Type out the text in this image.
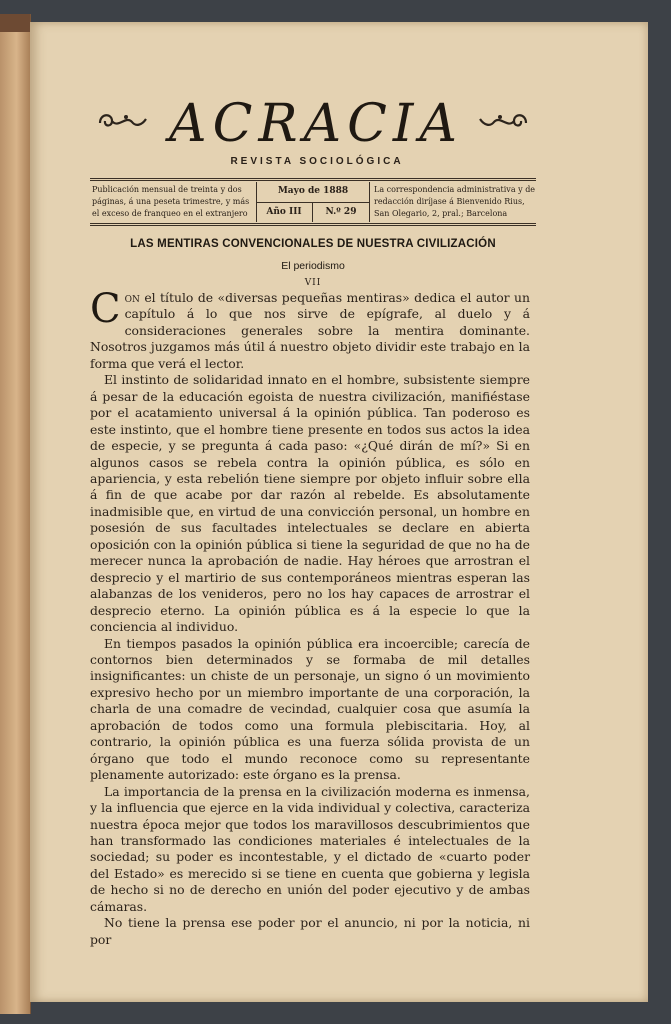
ACRACIA
REVISTA SOCIOLÓGICA
Publicación mensual de treinta y dos páginas, á una peseta trimestre, y más el exceso de franqueo en el extranjero
Mayo de 1888
Año III	N.º 29
La correspondencia administrativa y de redacción diríjase á Bienvenido Rius, San Olegario, 2, pral.; Barcelona
LAS MENTIRAS CONVENCIONALES DE NUESTRA CIVILIZACIÓN
El periodismo
VII

Con el título de «diversas pequeñas mentiras» dedica el autor un capítulo á lo que nos sirve de epígrafe, al duelo y á consideraciones generales sobre la mentira dominante. Nosotros juzgamos más útil á nuestro objeto dividir este trabajo en la forma que verá el lector.

El instinto de solidaridad innato en el hombre, subsistente siempre á pesar de la educación egoista de nuestra civilización, manifiéstase por el acatamiento universal á la opinión pública. Tan poderoso es este instinto, que el hombre tiene presente en todos sus actos la idea de especie, y se pregunta á cada paso: «¿Qué dirán de mí?» Si en algunos casos se rebela contra la opinión pública, es sólo en apariencia, y esta rebelión tiene siempre por objeto influir sobre ella á fin de que acabe por dar razón al rebelde. Es absolutamente inadmisible que, en virtud de una convicción personal, un hombre en posesión de sus facultades intelectuales se declare en abierta oposición con la opinión pública si tiene la seguridad de que no ha de merecer nunca la aprobación de nadie. Hay héroes que arrostran el desprecio y el martirio de sus contemporáneos mientras esperan las alabanzas de los venideros, pero no los hay capaces de arrostrar el desprecio eterno. La opinión pública es á la especie lo que la conciencia al individuo.

En tiempos pasados la opinión pública era incoercible; carecía de contornos bien determinados y se formaba de mil detalles insignificantes: un chiste de un personaje, un signo ó un movimiento expresivo hecho por un miembro importante de una corporación, la charla de una comadre de vecindad, cualquier cosa que asumía la aprobación de todos como una formula plebiscitaria. Hoy, al contrario, la opinión pública es una fuerza sólida provista de un órgano que todo el mundo reconoce como su representante plenamente autorizado: este órgano es la prensa.

La importancia de la prensa en la civilización moderna es inmensa, y la influencia que ejerce en la vida individual y colectiva, caracteriza nuestra época mejor que todos los maravillosos descubrimientos que han transformado las condiciones materiales é intelectuales de la sociedad; su poder es incontestable, y el dictado de «cuarto poder del Estado» es merecido si se tiene en cuenta que gobierna y legisla de hecho si no de derecho en unión del poder ejecutivo y de ambas cámaras.

No tiene la prensa ese poder por el anuncio, ni por la noticia, ni por
